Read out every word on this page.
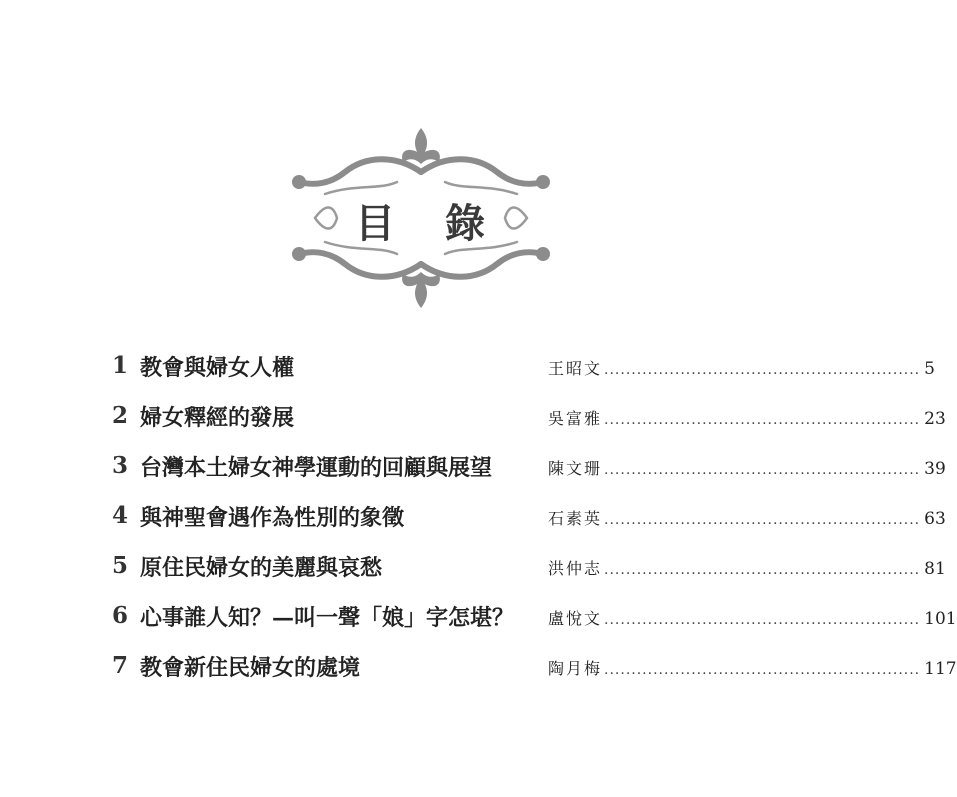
目 錄
1 教會與婦女人權	王昭文 .......................................................... 5
2 婦女釋經的發展	吳富雅 .......................................................... 23
3 台灣本土婦女神學運動的回顧與展望	陳文珊 .......................................................... 39
4 與神聖會遇作為性別的象徵	石素英 .......................................................... 63
5 原住民婦女的美麗與哀愁	洪仲志 .......................................................... 81
6 心事誰人知？—叫一聲「娘」字怎堪？ 盧悅文 .......................................................... 101
7 教會新住民婦女的處境	陶月梅 .......................................................... 117
